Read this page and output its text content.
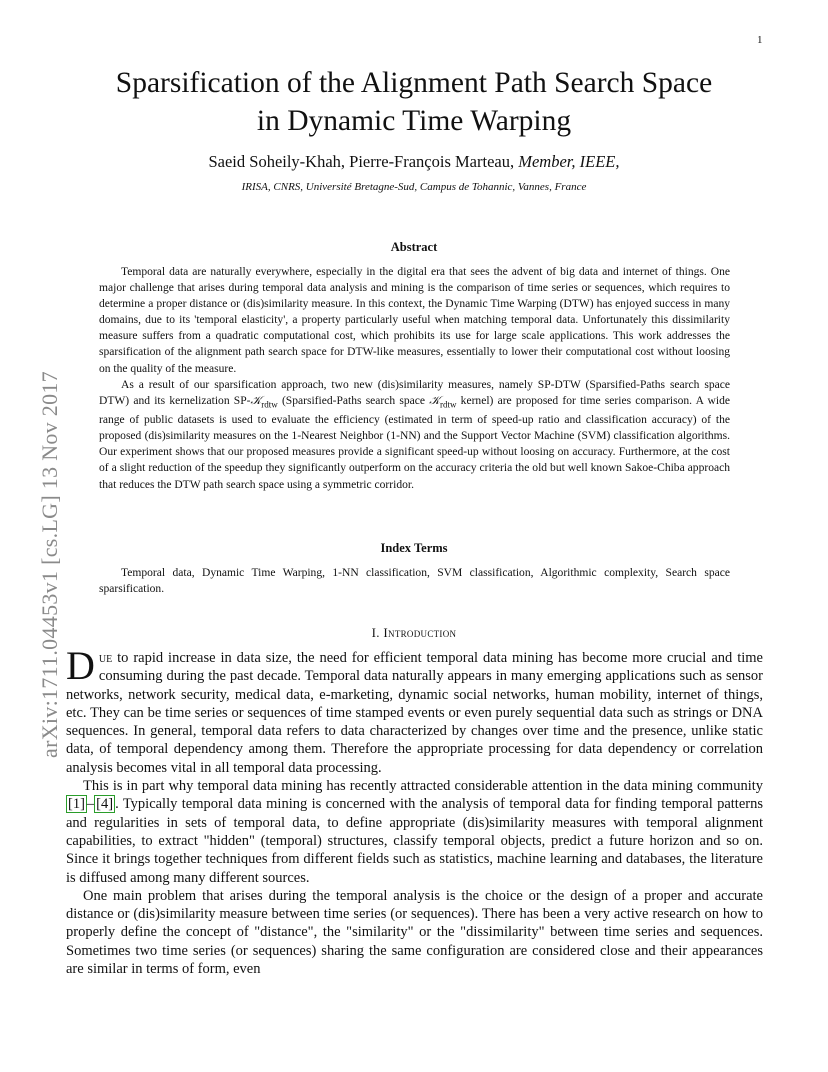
1
arXiv:1711.04453v1 [cs.LG] 13 Nov 2017
Sparsification of the Alignment Path Search Space
in Dynamic Time Warping
Saeid Soheily-Khah, Pierre-François Marteau, Member, IEEE,
IRISA, CNRS, Université Bretagne-Sud, Campus de Tohannic, Vannes, France
Abstract

Temporal data are naturally everywhere, especially in the digital era that sees the advent of big data and internet of things. One major challenge that arises during temporal data analysis and mining is the comparison of time series or sequences, which requires to determine a proper distance or (dis)similarity measure. In this context, the Dynamic Time Warping (DTW) has enjoyed success in many domains, due to its 'temporal elasticity', a property particularly useful when matching temporal data. Unfortunately this dissimilarity measure suffers from a quadratic computational cost, which prohibits its use for large scale applications. This work addresses the sparsification of the alignment path search space for DTW-like measures, essentially to lower their computational cost without loosing on the quality of the measure.

As a result of our sparsification approach, two new (dis)similarity measures, namely SP-DTW (Sparsified-Paths search space DTW) and its kernelization SP-𝒦$_{rdtw}$ (Sparsified-Paths search space 𝒦$_{rdtw}$ kernel) are proposed for time series comparison. A wide range of public datasets is used to evaluate the efficiency (estimated in term of speed-up ratio and classification accuracy) of the proposed (dis)similarity measures on the 1-Nearest Neighbor (1-NN) and the Support Vector Machine (SVM) classification algorithms. Our experiment shows that our proposed measures provide a significant speed-up without loosing on accuracy. Furthermore, at the cost of a slight reduction of the speedup they significantly outperform on the accuracy criteria the old but well known Sakoe-Chiba approach that reduces the DTW path search space using a symmetric corridor.

Index Terms

Temporal data, Dynamic Time Warping, 1-NN classification, SVM classification, Algorithmic complexity, Search space sparsification.

I. Introduction

Due to rapid increase in data size, the need for efficient temporal data mining has become more crucial and time consuming during the past decade. Temporal data naturally appears in many emerging applications such as sensor networks, network security, medical data, e-marketing, dynamic social networks, human mobility, internet of things, etc. They can be time series or sequences of time stamped events or even purely sequential data such as strings or DNA sequences. In general, temporal data refers to data characterized by changes over time and the presence, unlike static data, of temporal dependency among them. Therefore the appropriate processing for data dependency or correlation analysis becomes vital in all temporal data processing.

This is in part why temporal data mining has recently attracted considerable attention in the data mining community [1] – [4] . Typically temporal data mining is concerned with the analysis of temporal data for finding temporal patterns and regularities in sets of temporal data, to define appropriate (dis)similarity measures with temporal alignment capabilities, to extract "hidden" (temporal) structures, classify temporal objects, predict a future horizon and so on. Since it brings together techniques from different fields such as statistics, machine learning and databases, the literature is diffused among many different sources.

One main problem that arises during the temporal analysis is the choice or the design of a proper and accurate distance or (dis)similarity measure between time series (or sequences). There has been a very active research on how to properly define the concept of "distance", the "similarity" or the "dissimilarity" between time series and sequences. Sometimes two time series (or sequences) sharing the same configuration are considered close and their appearances are similar in terms of form, even
